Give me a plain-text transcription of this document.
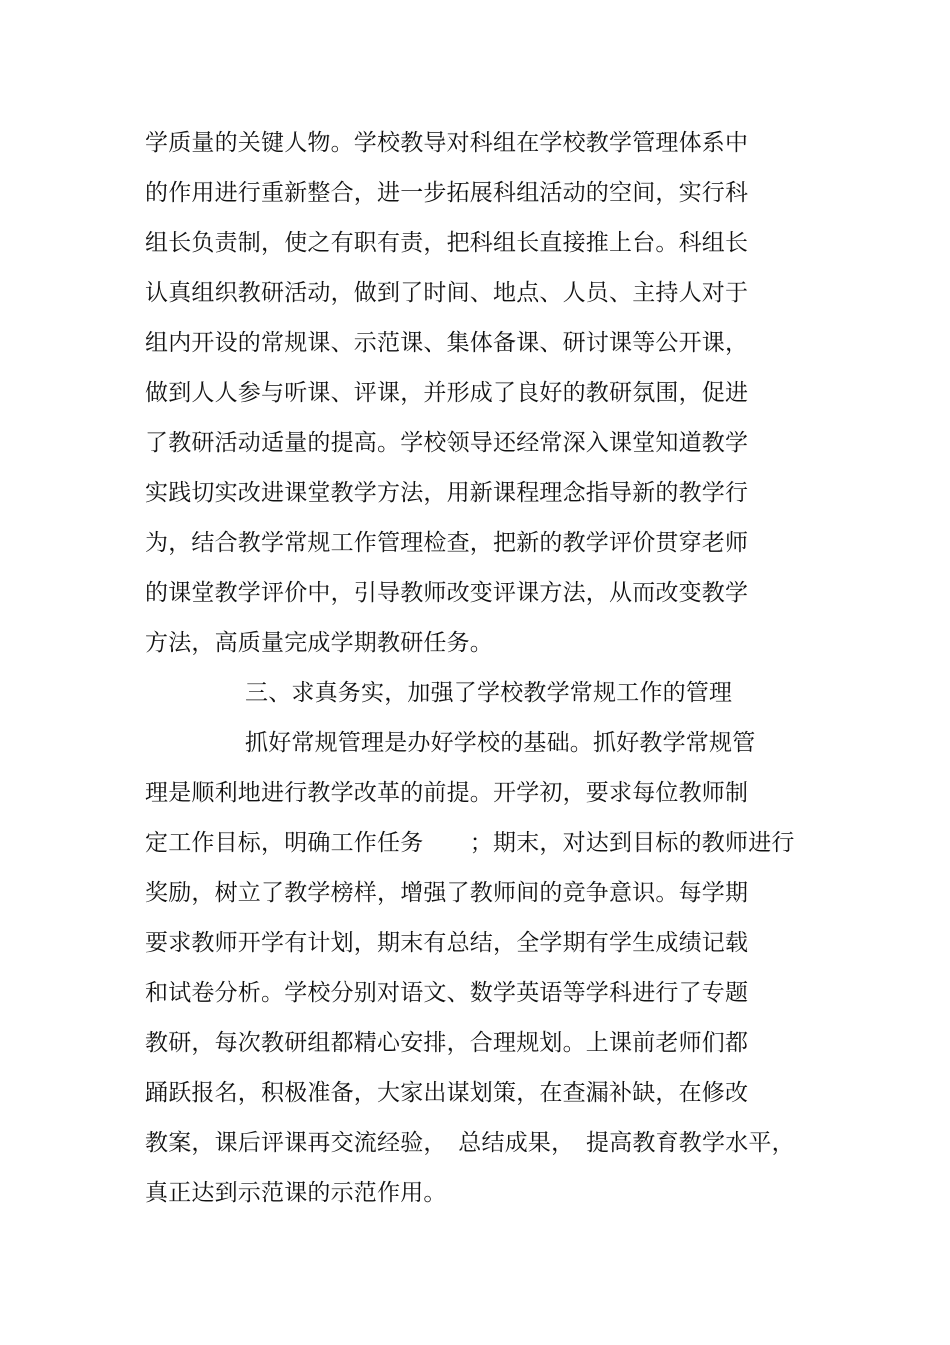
学质量的关键人物。学校教导对科组在学校教学管理体系中
的作用进行重新整合，进一步拓展科组活动的空间，实行科
组长负责制，使之有职有责，把科组长直接推上台。科组长
认真组织教研活动，做到了时间、地点、人员、主持人对于
组内开设的常规课、示范课、集体备课、研讨课等公开课，
做到人人参与听课、评课，并形成了良好的教研氛围，促进
了教研活动适量的提高。学校领导还经常深入课堂知道教学
实践切实改进课堂教学方法，用新课程理念指导新的教学行
为，结合教学常规工作管理检查，把新的教学评价贯穿老师
的课堂教学评价中，引导教师改变评课方法，从而改变教学
方法，高质量完成学期教研任务。
三、求真务实，加强了学校教学常规工作的管理
抓好常规管理是办好学校的基础。抓好教学常规管
理是顺利地进行教学改革的前提。开学初，要求每位教师制
定工作目标，明确工作任务　　；期末，对达到目标的教师进行
奖励，树立了教学榜样，增强了教师间的竞争意识。每学期
要求教师开学有计划，期末有总结，全学期有学生成绩记载
和试卷分析。学校分别对语文、数学英语等学科进行了专题
教研，每次教研组都精心安排，合理规划。上课前老师们都
踊跃报名，积极准备，大家出谋划策，在查漏补缺，在修改
教案，课后评课再交流经验，　总结成果，　提高教育教学水平，
真正达到示范课的示范作用。
